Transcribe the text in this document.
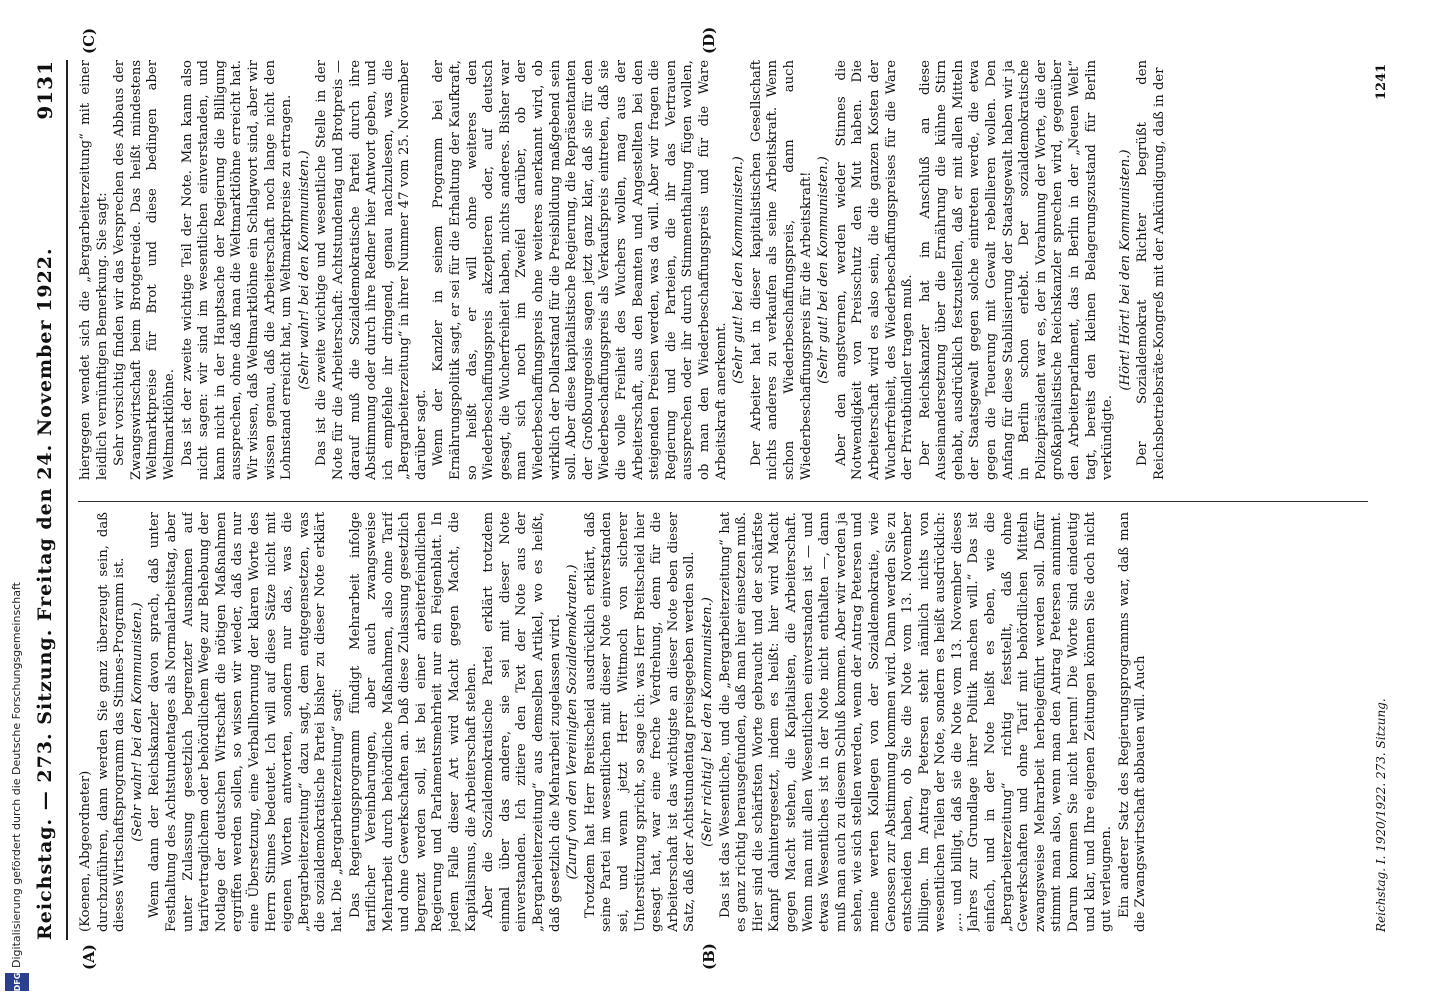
Digitalisierung gefördert durch die Deutsche Forschungsgemeinschaft
DFG
Reichstag. — 273. Sitzung. Freitag den 24. November 1922.
9131
(A)	(B)
(C)	(D)

(Koenen, Abgeordneter) durchzuführen, dann werden Sie ganz überzeugt sein, daß dieses Wirtschaftsprogramm das Stinnes-Programm ist. (Sehr wahr! bei den Kommunisten.) Wenn dann der Reichskanzler davon sprach, daß unter Festhaltung des Achtstundentages als Normalarbeitstag, aber unter Zulassung gesetzlich begrenzter Ausnahmen auf tarifvertraglichem oder behördlichem Wege zur Behebung der Notlage der deutschen Wirtschaft die nötigen Maßnahmen ergriffen werden sollen, so wissen wir wieder, daß das nur eine Übersetzung, eine Verballhornung der klaren Worte des Herrn Stinnes bedeutet. Ich will auf diese Sätze nicht mit eigenen Worten antworten, sondern nur das, was die „Bergarbeiterzeitung“ dazu sagt, dem entgegensetzen, was die sozialdemokratische Partei bisher zu dieser Note erklärt hat. Die „Bergarbeiterzeitung“ sagt: Das Regierungsprogramm fündigt Mehrarbeit infolge tariflicher Vereinbarungen, aber auch zwangsweise Mehrarbeit durch behördliche Maßnahmen, also ohne Tarif und ohne Gewerkschaften an. Daß diese Zulassung gesetzlich begrenzt werden soll, ist bei einer arbeiterfeindlichen Regierung und Parlamentsmehrheit nur ein Feigenblatt. In jedem Falle dieser Art wird Macht gegen Macht, die Kapitalismus, die Arbeiterschaft stehen. Aber die Sozialdemokratische Partei erklärt trotzdem einmal über das andere, sie sei mit dieser Note einverstanden. Ich zitiere den Text der Note aus der „Bergarbeiterzeitung“ aus demselben Artikel, wo es heißt, daß gesetzlich die Mehrarbeit zugelassen wird. (Zuruf von den Vereinigten Sozialdemokraten.) Trotzdem hat Herr Breitscheid ausdrücklich erklärt, daß seine Partei im wesentlichen mit dieser Note einverstanden sei, und wenn jetzt Herr Wittmoch von sicherer Unterstützung spricht, so sage ich: was Herr Breitscheid hier gesagt hat, war eine freche Verdrehung, denn für die Arbeiterschaft ist das wichtigste an dieser Note eben dieser Satz, daß der Achtstundentag preisgegeben werden soll. (Sehr richtig! bei den Kommunisten.) Das ist das Wesentliche, und die „Bergarbeiterzeitung“ hat es ganz richtig herausgefunden, daß man hier einsetzen muß. Hier sind die schärfsten Worte gebraucht und der schärfste Kampf dahintergesetzt, indem es heißt: hier wird Macht gegen Macht stehen, die Kapitalisten, die Arbeiterschaft. Wenn man mit allen Wesentlichen einverstanden ist — und etwas Wesentliches ist in der Note nicht enthalten —, dann muß man auch zu diesem Schluß kommen. Aber wir werden ja sehen, wie sich stellen werden, wenn der Antrag Petersen und meine werten Kollegen von der Sozialdemokratie, wie Genossen zur Abstimmung kommen wird. Dann werden Sie zu entscheiden haben, ob Sie die Note vom 13. November billigen. Im Antrag Petersen steht nämlich nichts von wesentlichen Teilen der Note, sondern es heißt ausdrücklich: „... und billigt, daß sie die Note vom 13. November dieses Jahres zur Grundlage ihrer Politik machen will.“ Das ist einfach, und in der Note heißt es eben, wie die „Bergarbeiterzeitung“ richtig feststellt, daß ohne Gewerkschaften und ohne Tarif mit behördlichen Mitteln zwangsweise Mehrarbeit herbeigeführt werden soll. Dafür stimmt man also, wenn man den Antrag Petersen annimmt. Darum kommen Sie nicht herum! Die Worte sind eindeutig und klar, und Ihre eigenen Zeitungen können Sie doch nicht gut verleugnen. Ein anderer Satz des Regierungsprogramms war, daß man die Zwangswirtschaft abbauen will. Auch

hiergegen wendet sich die „Bergarbeiterzeitung“ mit einer leidlich vernünftigen Bemerkung. Sie sagt: Sehr vorsichtig finden wir das Versprechen des Abbaus der Zwangswirtschaft beim Brotgetreide. Das heißt mindestens Weltmarktpreise für Brot und diese bedingen aber Weltmarktlöhne. Das ist der zweite wichtige Teil der Note. Man kann also nicht sagen: wir sind im wesentlichen einverstanden, und kann nicht in der Hauptsache der Regierung die Billigung aussprechen, ohne daß man die Weltmarktlöhne erreicht hat. Wir wissen, daß Weltmarktlöhne ein Schlagwort sind, aber wir wissen genau, daß die Arbeiterschaft noch lange nicht den Lohnstand erreicht hat, um Weltmarktpreise zu ertragen. (Sehr wahr! bei den Kommunisten.) Das ist die zweite wichtige und wesentliche Stelle in der Note für die Arbeiterschaft: Achtstundentag und Brotpreis — darauf muß die Sozialdemokratische Partei durch ihre Abstimmung oder durch ihre Redner hier Antwort geben, und ich empfehle ihr dringend, genau nachzulesen, was die „Bergarbeiterzeitung“ in ihrer Nummer 47 vom 25. November darüber sagt. Wenn der Kanzler in seinem Programm bei der Ernährungspolitik sagt, er sei für die Erhaltung der Kaufkraft, so heißt das, er will ohne weiteres den Wiederbeschaffungspreis akzeptieren oder, auf deutsch gesagt, die Wucherfreiheit haben, nichts anderes. Bisher war man sich noch im Zweifel darüber, ob der Wiederbeschaffungspreis ohne weiteres anerkannt wird, ob wirklich der Dollarstand für die Preisbildung maßgebend sein soll. Aber diese kapitalistische Regierung, die Repräsentanten der Großbourgeoisie sagen jetzt ganz klar, daß sie für den Wiederbeschaffungspreis als Verkaufspreis eintreten, daß sie die volle Freiheit des Wuchers wollen, mag aus der Arbeiterschaft, aus den Beamten und Angestellten bei den steigenden Preisen werden, was da will. Aber wir fragen die Regierung und die Parteien, die ihr das Vertrauen aussprechen oder ihr durch Stimmenthaltung fügen wollen, ob man den Wiederbeschaffungspreis und für die Ware Arbeitskraft anerkennt.

(Sehr gut! bei den Kommunisten.) Der Arbeiter hat in dieser kapitalistischen Gesellschaft nichts anderes zu verkaufen als seine Arbeitskraft. Wenn schon Wiederbeschaffungspreis, dann auch Wiederbeschaffungspreis für die Arbeitskraft! (Sehr gut! bei den Kommunisten.) Aber den angstvernen, werden wieder Stinnes die Notwendigkeit von Preisschutz den Mut haben. Die Arbeiterschaft wird es also sein, die die ganzen Kosten der Wucherfreiheit, des Wiederbeschaffungspreises für die Ware der Privatbündler tragen muß. Der Reichskanzler hat im Anschluß an diese Auseinandersetzung über die Ernährung die kühne Stirn gehabt, ausdrücklich festzustellen, daß er mit allen Mitteln der Staatsgewalt gegen solche eintreten werde, die etwa gegen die Teuerung mit Gewalt rebellieren wollen. Den Anfang für diese Stabilisierung der Staatsgewalt haben wir ja in Berlin schon erlebt. Der sozialdemokratische Polizeipräsident war es, der in Vorahnung der Worte, die der großkapitalistische Reichskanzler sprechen wird, gegenüber den Arbeiterparlament, das in Berlin in der „Neuen Welt“ tagt, bereits den kleinen Belagerungszustand für Berlin verkündigte.

(Hört! Hört! bei den Kommunisten.) Der Sozialdemokrat Richter begrüßt den Reichsbetriebsräte-Kongreß mit der Ankündigung, daß in der

Reichstag. I. 1920/1922. 273. Sitzung.
1241
